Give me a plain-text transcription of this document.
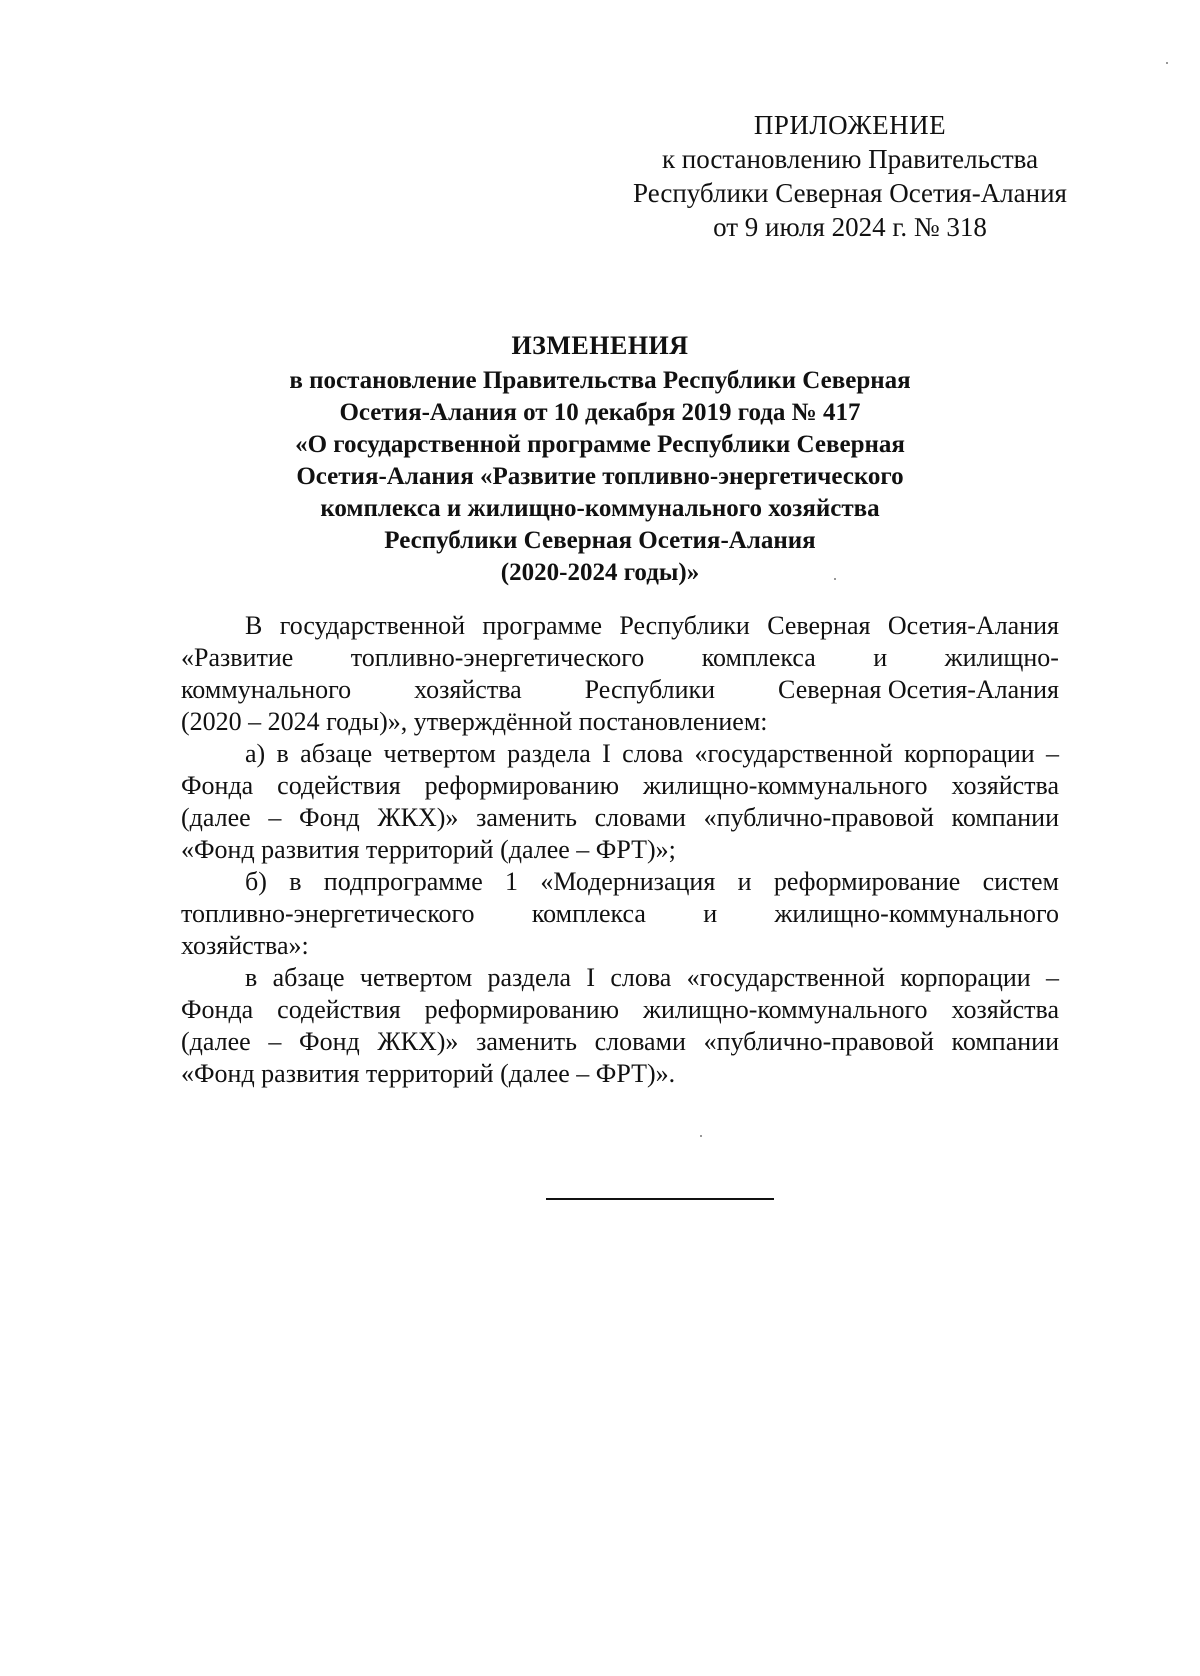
ПРИЛОЖЕНИЕ
к постановлению Правительства
Республики Северная Осетия-Алания
от 9 июля 2024 г. № 318
ИЗМЕНЕНИЯ
в постановление Правительства Республики Северная
Осетия-Алания от 10 декабря 2019 года № 417
«О государственной программе Республики Северная
Осетия-Алания «Развитие топливно-энергетического
комплекса и жилищно-коммунального хозяйства
Республики Северная Осетия-Алания
(2020-2024 годы)»
В государственной программе Республики Северная Осетия-Алания
«Развитие топливно-энергетического комплекса и жилищно-
коммунального хозяйства Республики Северная Осетия-Алания
(2020 – 2024 годы)», утверждённой постановлением:
а) в абзаце четвертом раздела I слова «государственной корпорации –
Фонда содействия реформированию жилищно-коммунального хозяйства
(далее – Фонд ЖКХ)» заменить словами «публично-правовой компании
«Фонд развития территорий (далее – ФРТ)»;
б) в подпрограмме 1 «Модернизация и реформирование систем
топливно-энергетического комплекса и жилищно-коммунального
хозяйства»:
в абзаце четвертом раздела I слова «государственной корпорации –
Фонда содействия реформированию жилищно-коммунального хозяйства
(далее – Фонд ЖКХ)» заменить словами «публично-правовой компании
«Фонд развития территорий (далее – ФРТ)».
